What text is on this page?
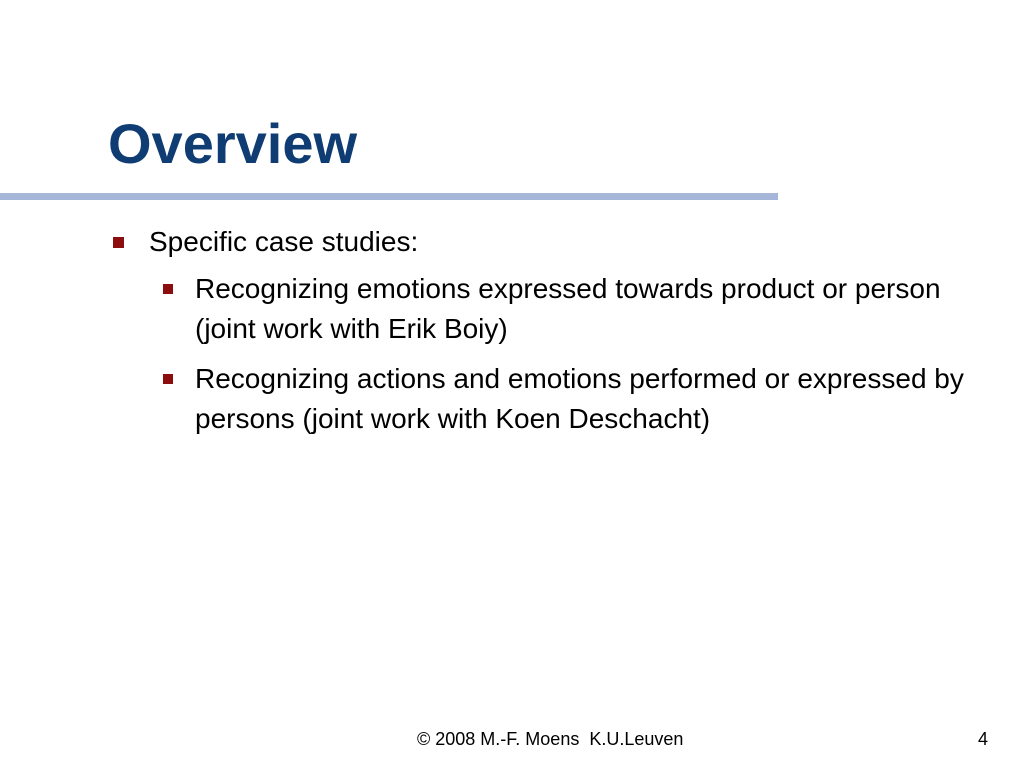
Overview
Specific case studies:
Recognizing emotions expressed towards product or person (joint work with Erik Boiy)
Recognizing actions and emotions performed or expressed by persons (joint work with Koen Deschacht)
© 2008 M.-F. Moens  K.U.Leuven	4
